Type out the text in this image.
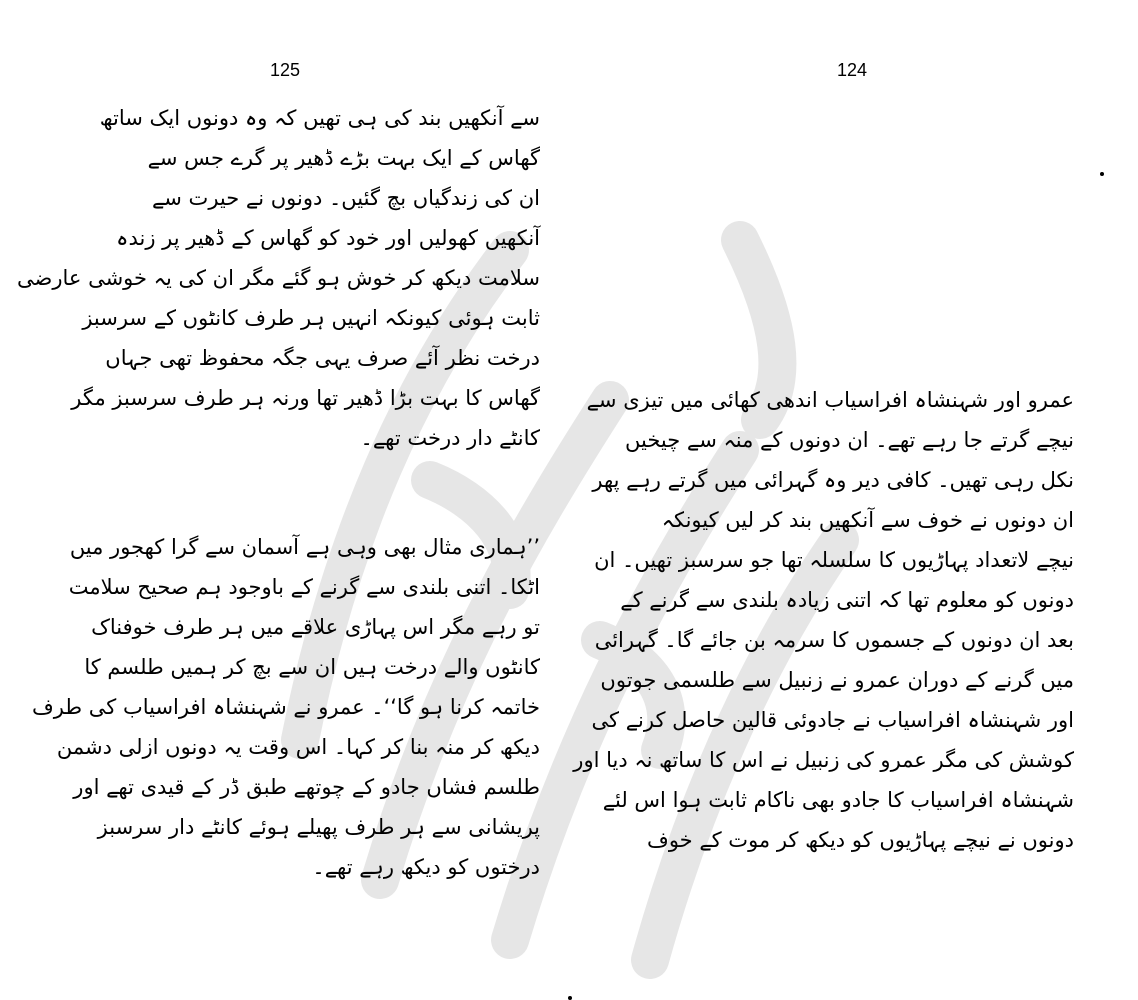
125
سے آنکھیں بند کی ہی تھیں کہ وہ دونوں ایک ساتھ
گھاس کے ایک بہت بڑے ڈھیر پر گرے جس سے
ان کی زندگیاں بچ گئیں۔ دونوں نے حیرت سے
آنکھیں کھولیں اور خود کو گھاس کے ڈھیر پر زندہ
سلامت دیکھ کر خوش ہو گئے مگر ان کی یہ خوشی عارضی
ثابت ہوئی کیونکہ انہیں ہر طرف کانٹوں کے سرسبز
درخت نظر آئے صرف یہی جگہ محفوظ تھی جہاں
گھاس کا بہت بڑا ڈھیر تھا ورنہ ہر طرف سرسبز مگر
کانٹے دار درخت تھے۔
’’ہماری مثال بھی وہی ہے آسمان سے گرا کھجور میں
اٹکا۔ اتنی بلندی سے گرنے کے باوجود ہم صحیح سلامت
تو رہے مگر اس پہاڑی علاقے میں ہر طرف خوفناک
کانٹوں والے درخت ہیں ان سے بچ کر ہمیں طلسم کا
خاتمہ کرنا ہو گا‘‘۔ عمرو نے شہنشاہ افراسیاب کی طرف
دیکھ کر منہ بنا کر کہا۔ اس وقت یہ دونوں ازلی دشمن
طلسم فشاں جادو کے چوتھے طبق ڈر کے قیدی تھے اور
پریشانی سے ہر طرف پھیلے ہوئے کانٹے دار سرسبز
درختوں کو دیکھ رہے تھے۔
124
عمرو اور شہنشاہ افراسیاب اندھی کھائی میں تیزی سے
نیچے گرتے جا رہے تھے۔ ان دونوں کے منہ سے چیخیں
نکل رہی تھیں۔ کافی دیر وہ گہرائی میں گرتے رہے پھر
ان دونوں نے خوف سے آنکھیں بند کر لیں کیونکہ
نیچے لاتعداد پہاڑیوں کا سلسلہ تھا جو سرسبز تھیں۔ ان
دونوں کو معلوم تھا کہ اتنی زیادہ بلندی سے گرنے کے
بعد ان دونوں کے جسموں کا سرمہ بن جائے گا۔ گہرائی
میں گرنے کے دوران عمرو نے زنبیل سے طلسمی جوتوں
اور شہنشاہ افراسیاب نے جادوئی قالین حاصل کرنے کی
کوشش کی مگر عمرو کی زنبیل نے اس کا ساتھ نہ دیا اور
شہنشاہ افراسیاب کا جادو بھی ناکام ثابت ہوا اس لئے
دونوں نے نیچے پہاڑیوں کو دیکھ کر موت کے خوف
